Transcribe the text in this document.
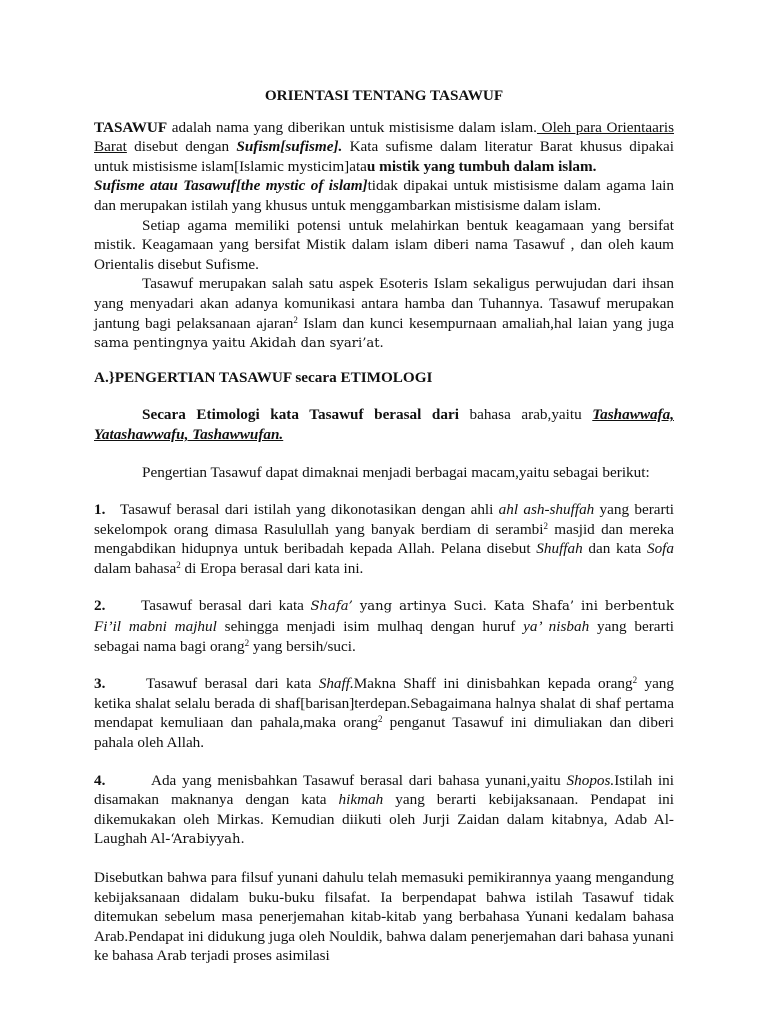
ORIENTASI TENTANG TASAWUF

TASAWUF adalah nama yang diberikan untuk mistisisme dalam islam. Oleh para Orientaaris Barat disebut dengan Sufism[sufisme]. Kata sufisme dalam literatur Barat khusus dipakai untuk mistisisme islam[Islamic mysticim]atau mistik yang tumbuh dalam islam.

Sufisme atau Tasawuf[the mystic of islam]tidak dipakai untuk mistisisme dalam agama lain dan merupakan istilah yang khusus untuk menggambarkan mistisisme dalam islam.

Setiap agama memiliki potensi untuk melahirkan bentuk keagamaan yang bersifat mistik. Keagamaan yang bersifat Mistik dalam islam diberi nama Tasawuf , dan oleh kaum Orientalis disebut Sufisme.

Tasawuf merupakan salah satu aspek Esoteris Islam sekaligus perwujudan dari ihsan yang menyadari akan adanya komunikasi antara hamba dan Tuhannya. Tasawuf merupakan jantung bagi pelaksanaan ajaran$^2$ Islam dan kunci kesempurnaan amaliah,hal laian yang juga sama pentingnya yaitu Akidah dan syari’at.

A.}PENGERTIAN TASAWUF secara ETIMOLOGI

Secara Etimologi kata Tasawuf berasal dari bahasa arab,yaitu Tashawwafa, Yatashawwafu, Tashawwufan.

Pengertian Tasawuf dapat dimaknai menjadi berbagai macam,yaitu sebagai berikut:

1. Tasawuf berasal dari istilah yang dikonotasikan dengan ahli ahl ash-shuffah yang berarti sekelompok orang dimasa Rasulullah yang banyak berdiam di serambi$^2$ masjid dan mereka mengabdikan hidupnya untuk beribadah kepada Allah. Pelana disebut Shuffah dan kata Sofa dalam bahasa$^2$ di Eropa berasal dari kata ini.

2. Tasawuf berasal dari kata Shafa’ yang artinya Suci. Kata Shafa’ ini berbentuk Fi’il mabni majhul sehingga menjadi isim mulhaq dengan huruf ya’ nisbah yang berarti sebagai nama bagi orang$^2$ yang bersih/suci.

3.	Tasawuf berasal dari kata Shaff.Makna Shaff ini dinisbahkan kepada orang$^2$ yang ketika shalat selalu berada di shaf[barisan]terdepan.Sebagaimana halnya shalat di shaf pertama mendapat kemuliaan dan pahala,maka orang$^2$ penganut Tasawuf ini dimuliakan dan diberi pahala oleh Allah.

4.	Ada yang menisbahkan Tasawuf berasal dari bahasa yunani,yaitu Shopos.Istilah ini disamakan maknanya dengan kata hikmah yang berarti kebijaksanaan. Pendapat ini dikemukakan oleh Mirkas. Kemudian diikuti oleh Jurji Zaidan dalam kitabnya, Adab Al-Laughah Al-‘Arabiyyah.

Disebutkan bahwa para filsuf yunani dahulu telah memasuki pemikirannya yaang mengandung kebijaksanaan didalam buku-buku filsafat. Ia berpendapat bahwa istilah Tasawuf tidak ditemukan sebelum masa penerjemahan kitab-kitab yang berbahasa Yunani kedalam bahasa Arab.Pendapat ini didukung juga oleh Nouldik, bahwa dalam penerjemahan dari bahasa yunani ke bahasa Arab terjadi proses asimilasi
